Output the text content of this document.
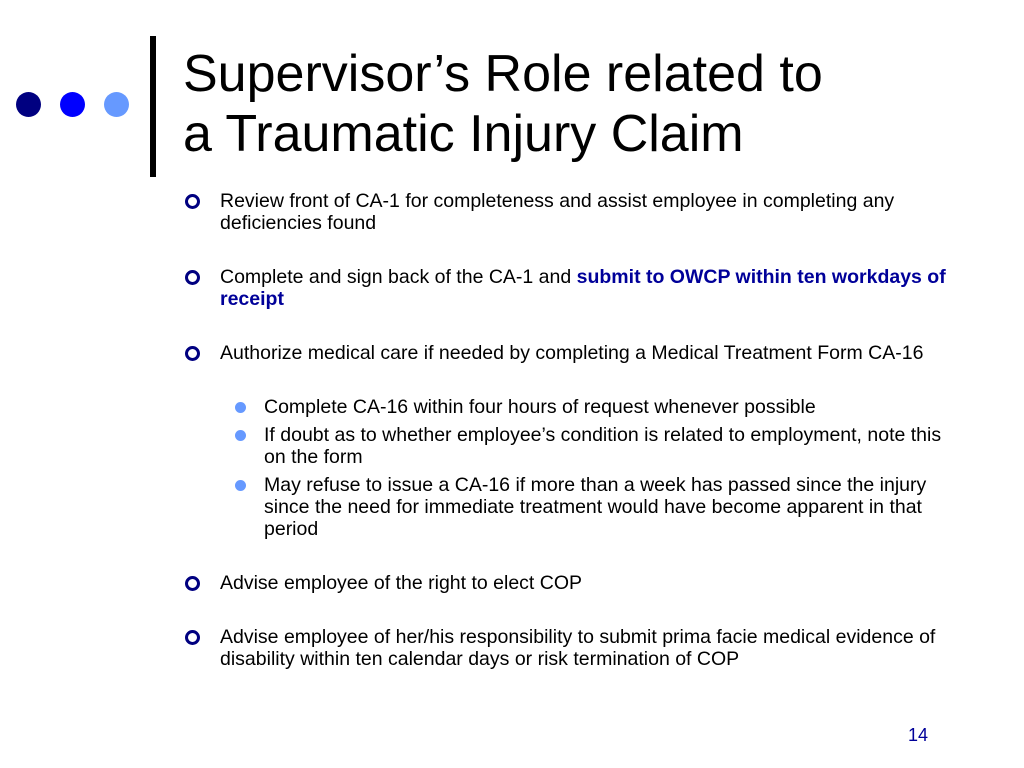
Supervisor’s Role related to
a Traumatic Injury Claim
Review front of CA-1 for completeness and assist employee in completing any deficiencies found
Complete and sign back of the CA-1 and submit to OWCP within ten workdays of receipt
Authorize medical care if needed by completing a Medical Treatment Form CA-16
Complete CA-16 within four hours of request whenever possible
If doubt as to whether employee’s condition is related to employment, note this on the form
May refuse to issue a CA-16 if more than a week has passed since the injury since the need for immediate treatment would have become apparent in that period
Advise employee of the right to elect COP
Advise employee of her/his responsibility to submit prima facie medical evidence of disability within ten calendar days or risk termination of COP
14
